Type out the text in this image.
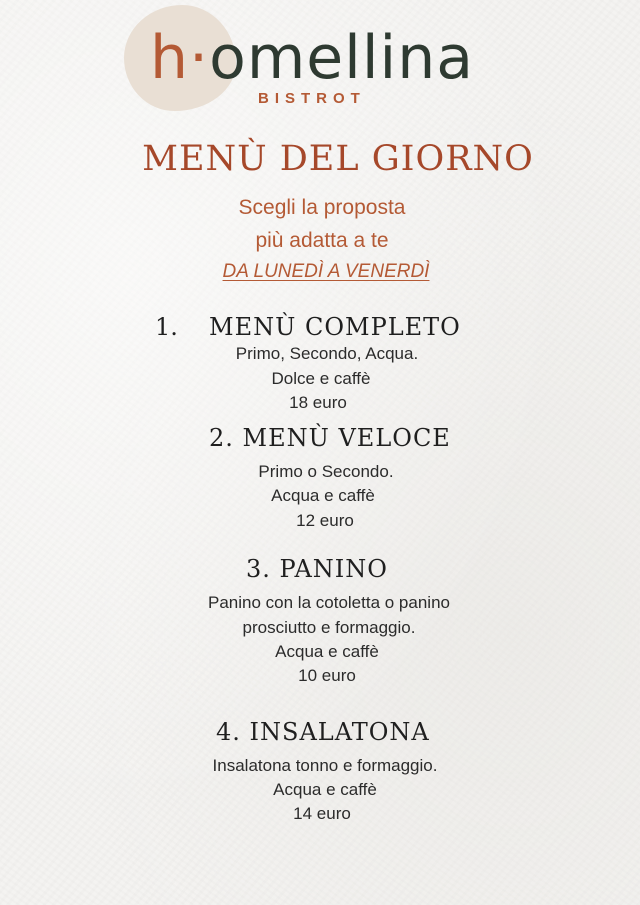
h·omellina
BISTROT
MENÙ DEL GIORNO
Scegli la proposta
più adatta a te
DA LUNEDÌ A VENERDÌ
1. MENÙ COMPLETO
Primo, Secondo, Acqua.
Dolce e caffè
18 euro
2. MENÙ VELOCE
Primo o Secondo.
Acqua e caffè
12 euro
3. PANINO
Panino con la cotoletta o panino
prosciutto e formaggio.
Acqua e caffè
10 euro
4. INSALATONA
Insalatona tonno e formaggio.
Acqua e caffè
14 euro
